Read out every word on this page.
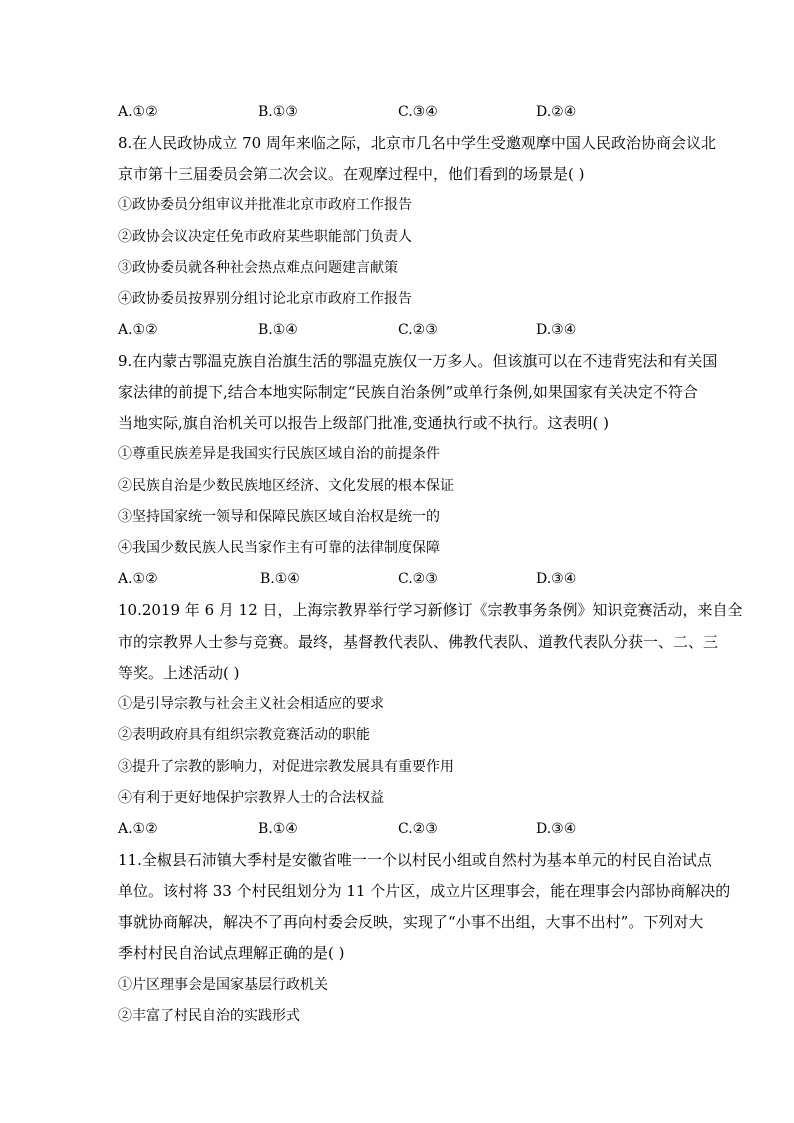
A.①②	B.①③	C.③④	D.②④
8.在人民政协成立 70 周年来临之际，北京市几名中学生受邀观摩中国人民政治协商会议北
京市第十三届委员会第二次会议。在观摩过程中，他们看到的场景是( )
①政协委员分组审议并批准北京市政府工作报告
②政协会议决定任免市政府某些职能部门负责人
③政协委员就各种社会热点难点问题建言献策
④政协委员按界别分组讨论北京市政府工作报告
A.①②	B.①④	C.②③	D.③④
9.在内蒙古鄂温克族自治旗生活的鄂温克族仅一万多人。但该旗可以在不违背宪法和有关国
家法律的前提下,结合本地实际制定“民族自治条例”或单行条例,如果国家有关决定不符合
当地实际,旗自治机关可以报告上级部门批准,变通执行或不执行。这表明( )
①尊重民族差异是我国实行民族区域自治的前提条件
②民族自治是少数民族地区经济、文化发展的根本保证
③坚持国家统一领导和保障民族区域自治权是统一的
④我国少数民族人民当家作主有可靠的法律制度保障
A.①②	B.①④	C.②③	D.③④
10.2019 年 6 月 12 日，上海宗教界举行学习新修订《宗教事务条例》知识竞赛活动，来自全
市的宗教界人士参与竞赛。最终，基督教代表队、佛教代表队、道教代表队分获一、二、三
等奖。上述活动( )
①是引导宗教与社会主义社会相适应的要求
②表明政府具有组织宗教竞赛活动的职能
③提升了宗教的影响力，对促进宗教发展具有重要作用
④有利于更好地保护宗教界人士的合法权益
A.①②	B.①④	C.②③	D.③④
11.全椒县石沛镇大季村是安徽省唯一一个以村民小组或自然村为基本单元的村民自治试点
单位。该村将 33 个村民组划分为 11 个片区，成立片区理事会，能在理事会内部协商解决的
事就协商解决，解决不了再向村委会反映，实现了“小事不出组，大事不出村”。下列对大
季村村民自治试点理解正确的是( )
①片区理事会是国家基层行政机关
②丰富了村民自治的实践形式
